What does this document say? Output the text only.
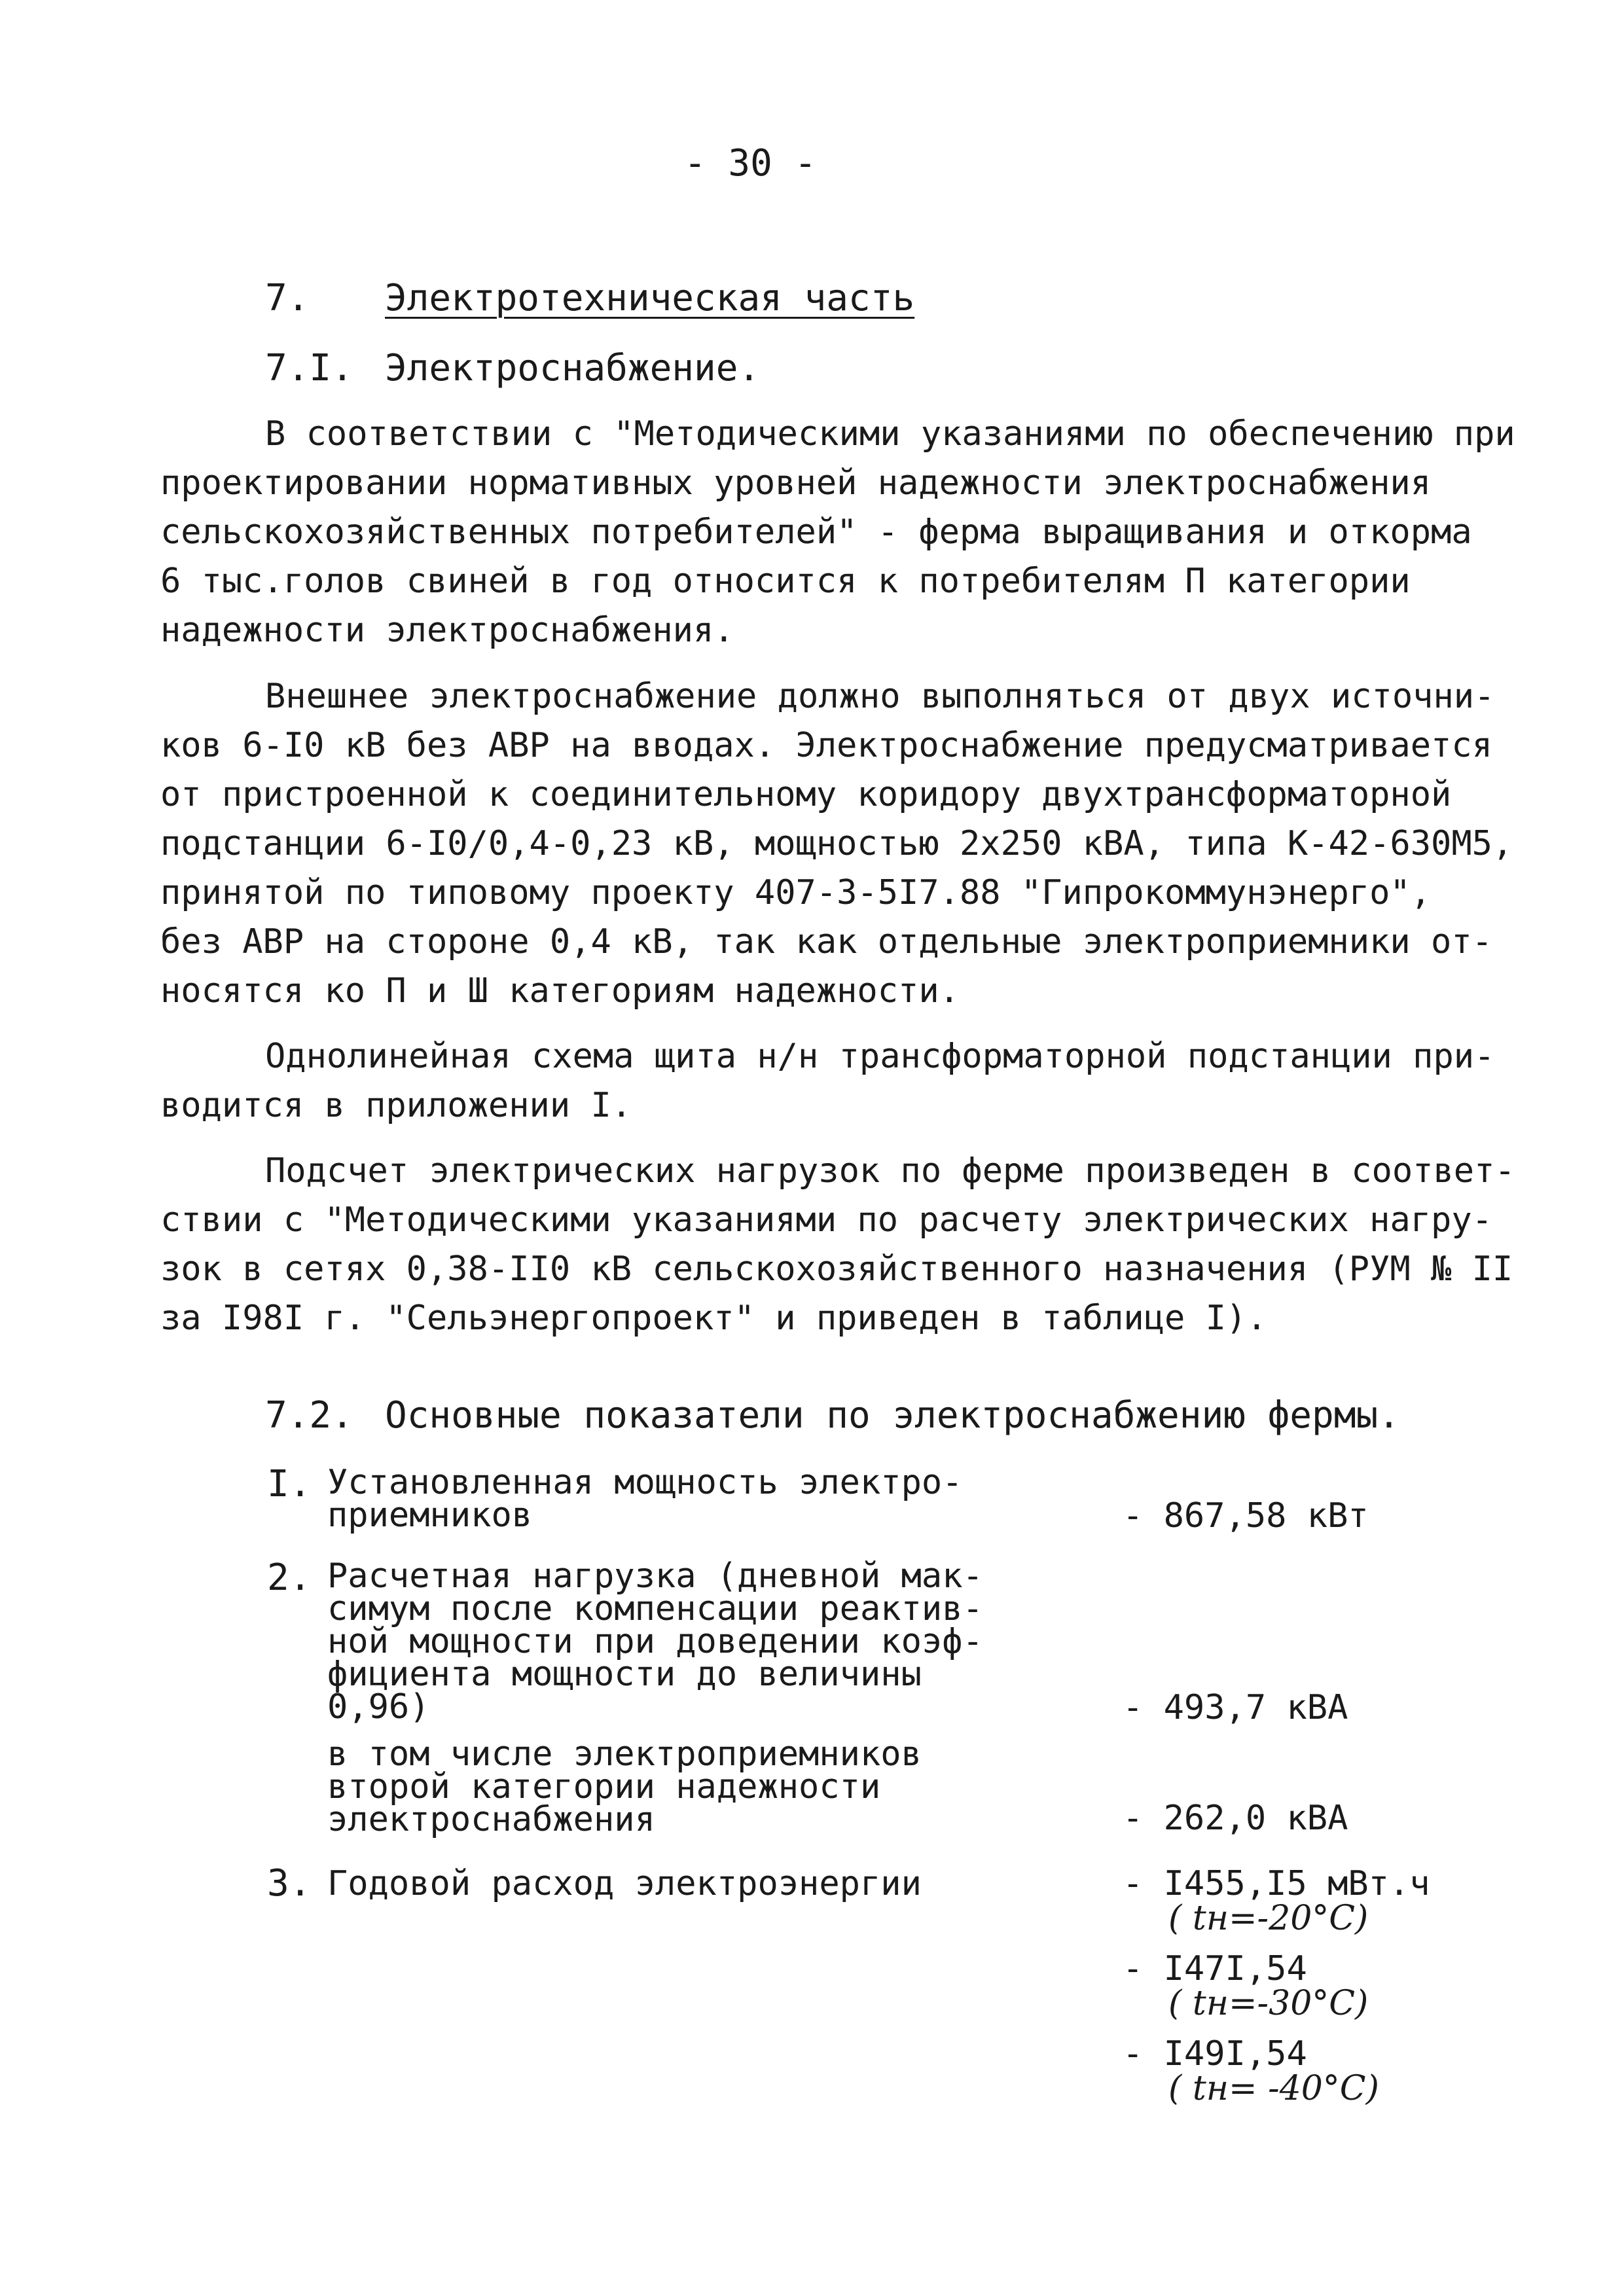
- 30 -
7. Электротехническая часть
7.I. Электроснабжение.
В соответствии с "Методическими указаниями по обеспечению при
проектировании нормативных уровней надежности электроснабжения
сельскохозяйственных потребителей" - ферма выращивания и откорма
6 тыс.голов свиней в год относится к потребителям П категории
надежности электроснабжения.
Внешнее электроснабжение должно выполняться от двух источни-
ков 6-I0 кВ без АВР на вводах. Электроснабжение предусматривается
от пристроенной к соединительному коридору двухтрансформаторной
подстанции 6-I0/0,4-0,23 кВ, мощностью 2х250 кВА, типа К-42-630М5,
принятой по типовому проекту 407-3-5I7.88 "Гипрокоммунэнерго",
без АВР на стороне 0,4 кВ, так как отдельные электроприемники от-
носятся ко П и Ш категориям надежности.
Однолинейная схема щита н/н трансформаторной подстанции при-
водится в приложении I.
Подсчет электрических нагрузок по ферме произведен в соответ-
ствии с "Методическими указаниями по расчету электрических нагру-
зок в сетях 0,38-II0 кВ сельскохозяйственного назначения (РУМ № II
за I98I г. "Сельэнергопроект" и приведен в таблице I).
7.2. Основные показатели по электроснабжению фермы.
I. Установленная мощность электро-
приемников	- 867,58 кВт
2. Расчетная нагрузка (дневной мак-
симум после компенсации реактив-
ной мощности при доведении коэф-
фициента мощности до величины
0,96)	- 493,7 кВА
в том числе электроприемников
второй категории надежности
электроснабжения	- 262,0 кВА
3. Годовой расход электроэнергии	- I455,I5 мВт.ч
( tн=-20°C)
- I47I,54
( tн=-30°C)
- I49I,54
( tн= -40°C)
